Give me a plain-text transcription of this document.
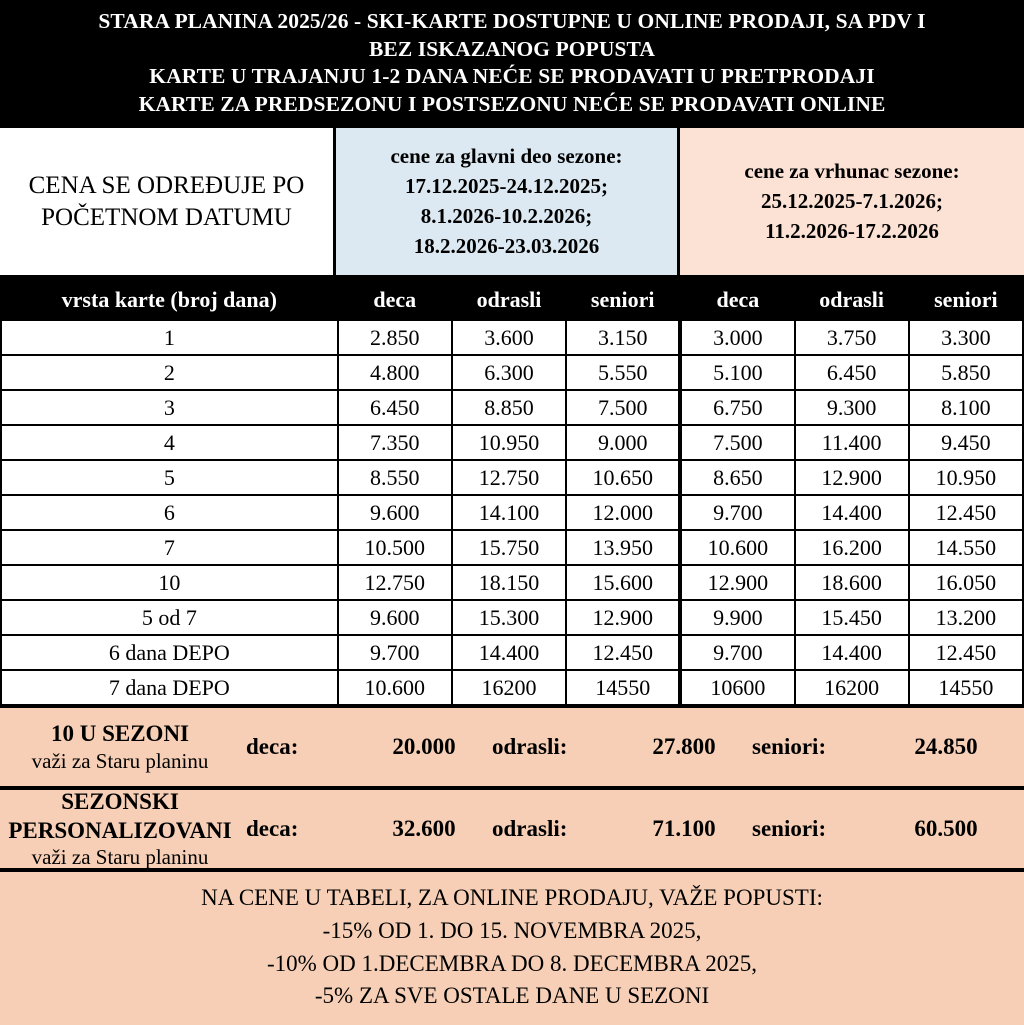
STARA PLANINA 2025/26 - SKI-KARTE DOSTUPNE U ONLINE PRODAJI, SA PDV I
BEZ ISKAZANOG POPUSTA
KARTE U TRAJANJU 1-2 DANA NEĆE SE PRODAVATI U PRETPRODAJI
KARTE ZA PREDSEZONU I POSTSEZONU NEĆE SE PRODAVATI ONLINE
CENA SE ODREĐUJE PO
POČETNOM DATUMU
cene za glavni deo sezone:
17.12.2025-24.12.2025;
8.1.2026-10.2.2026;
18.2.2026-23.03.2026
cene za vrhunac sezone:
25.12.2025-7.1.2026;
11.2.2026-17.2.2026
vrsta karte (broj dana)	deca	odrasli	seniori	deca	odrasli	seniori
1	2.850	3.600	3.150	3.000	3.750	3.300
2	4.800	6.300	5.550	5.100	6.450	5.850
3	6.450	8.850	7.500	6.750	9.300	8.100
4	7.350	10.950	9.000	7.500	11.400	9.450
5	8.550	12.750	10.650	8.650	12.900	10.950
6	9.600	14.100	12.000	9.700	14.400	12.450
7	10.500	15.750	13.950	10.600	16.200	14.550
10	12.750	18.150	15.600	12.900	18.600	16.050
5 od 7	9.600	15.300	12.900	9.900	15.450	13.200
6 dana DEPO	9.700	14.400	12.450	9.700	14.400	12.450
7 dana DEPO	10.600	16200	14550	10600	16200	14550
10 U SEZONI
važi za Staru planinu
deca:	20.000	odrasli:	27.800	seniori:	24.850
SEZONSKI
PERSONALIZOVANI
važi za Staru planinu
deca:	32.600	odrasli:	71.100	seniori:	60.500
NA CENE U TABELI, ZA ONLINE PRODAJU, VAŽE POPUSTI:
-15% OD 1. DO 15. NOVEMBRA 2025,
-10% OD 1.DECEMBRA DO 8. DECEMBRA 2025,
-5% ZA SVE OSTALE DANE U SEZONI
